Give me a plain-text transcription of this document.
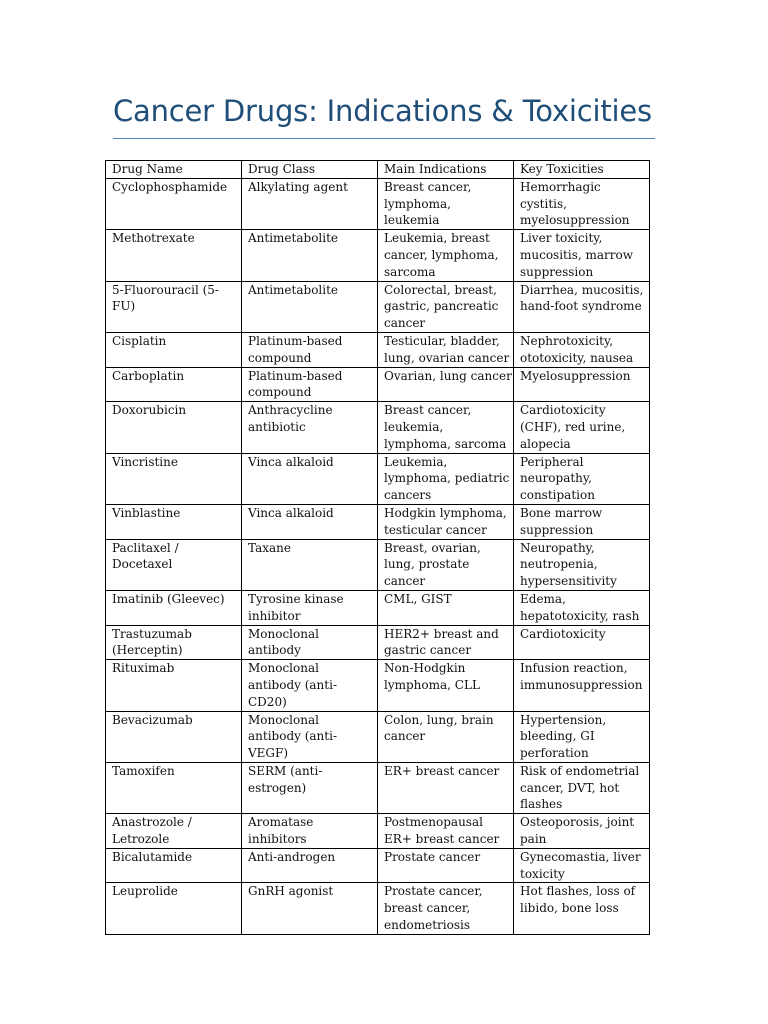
Cancer Drugs: Indications & Toxicities
Drug Name	Drug Class	Main Indications	Key Toxicities

Cyclophosphamide	Alkylating agent	Breast cancer,
lymphoma,
leukemia	Hemorrhagic
cystitis,
myelosuppression

Methotrexate	Antimetabolite	Leukemia, breast
cancer, lymphoma,
sarcoma	Liver toxicity,
mucositis, marrow
suppression

5-Fluorouracil (5-
FU)	Antimetabolite	Colorectal, breast,
gastric, pancreatic
cancer	Diarrhea, mucositis,
hand-foot syndrome

Cisplatin	Platinum-based
compound	Testicular, bladder,
lung, ovarian cancer	Nephrotoxicity,
ototoxicity, nausea

Carboplatin	Platinum-based
compound	Ovarian, lung cancer	Myelosuppression

Doxorubicin	Anthracycline
antibiotic	Breast cancer,
leukemia,
lymphoma, sarcoma	Cardiotoxicity
(CHF), red urine,
alopecia

Vincristine	Vinca alkaloid	Leukemia,
lymphoma, pediatric
cancers	Peripheral
neuropathy,
constipation

Vinblastine	Vinca alkaloid	Hodgkin lymphoma,
testicular cancer	Bone marrow
suppression

Paclitaxel /
Docetaxel	Taxane	Breast, ovarian,
lung, prostate
cancer	Neuropathy,
neutropenia,
hypersensitivity

Imatinib (Gleevec)	Tyrosine kinase
inhibitor	CML, GIST	Edema,
hepatotoxicity, rash

Trastuzumab
(Herceptin)	Monoclonal
antibody	HER2+ breast and
gastric cancer	Cardiotoxicity

Rituximab	Monoclonal
antibody (anti-
CD20)	Non-Hodgkin
lymphoma, CLL	Infusion reaction,
immunosuppression

Bevacizumab	Monoclonal
antibody (anti-
VEGF)	Colon, lung, brain
cancer	Hypertension,
bleeding, GI
perforation

Tamoxifen	SERM (anti-
estrogen)	ER+ breast cancer	Risk of endometrial
cancer, DVT, hot
flashes

Anastrozole /
Letrozole	Aromatase
inhibitors	Postmenopausal
ER+ breast cancer	Osteoporosis, joint
pain

Bicalutamide	Anti-androgen	Prostate cancer	Gynecomastia, liver
toxicity

Leuprolide	GnRH agonist	Prostate cancer,
breast cancer,
endometriosis	Hot flashes, loss of
libido, bone loss
